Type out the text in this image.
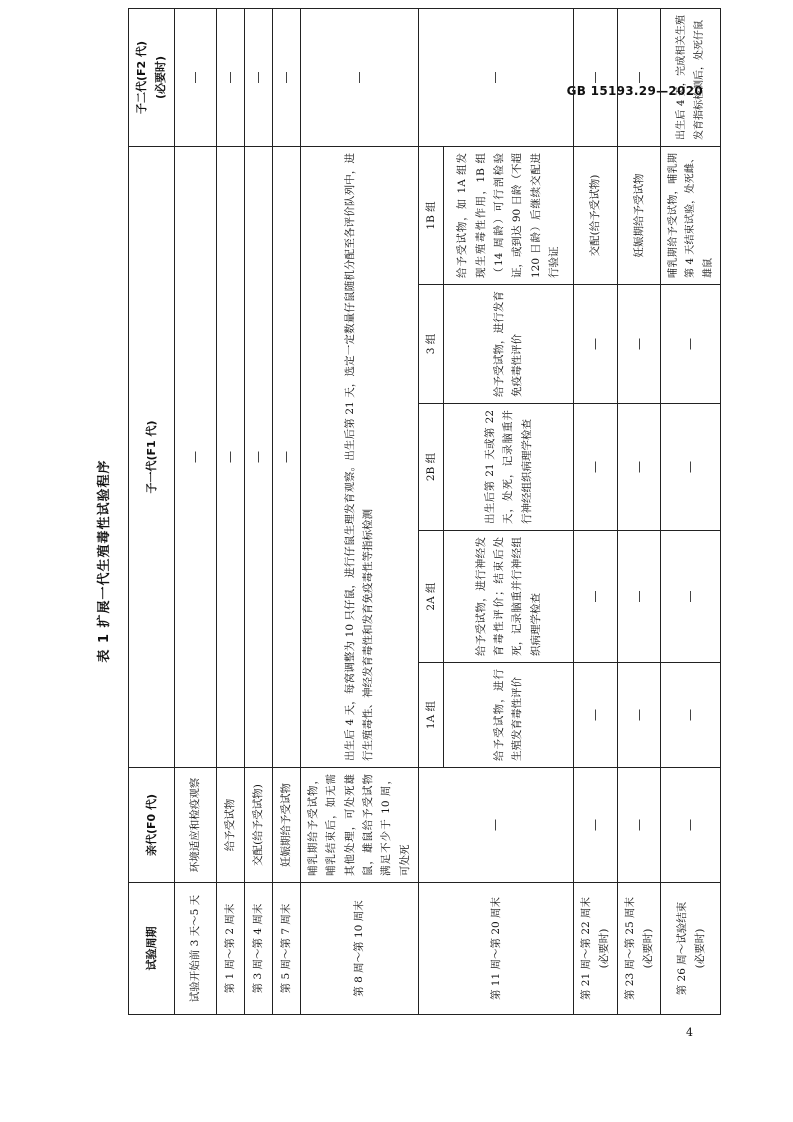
GB 15193.29—2020
4
表 1 扩展一代生殖毒性试验程序
试验周期	亲代(F0 代)	子一代(F1 代)					子二代(F2 代) (必要时)

试验开始前 3 天～5 天	环境适应和检疫观察	—					—
第 1 周～第 2 周末	给予受试物	—					—
第 3 周～第 4 周末	交配(给予受试物)	—					—
第 5 周～第 7 周末	妊娠期给予受试物	—					—
第 8 周～第 10 周末	哺乳期给予受试物，哺乳结束后，如无需其他处理，可处死雄鼠，雄鼠给予受试物满足不少于 10 周，可处死	出生后 4 天，每窝调整为 10 只仔鼠，进行仔鼠生理发育观察。出生后第 21 天，选定一定数量仔鼠随机分配至各评价队列中，进行生殖毒性、神经发育毒性和发育免疫毒性等指标检测					—
第 11 周～第 20 周末	—	1A 组	2A 组	2B 组	3 组	1B 组	—
		给予受试物，进行生殖发育毒性评价	给予受试物，进行神经发育毒性评价；结束后处死，记录脑重并行神经组织病理学检查	出生后第 21 天或第 22 天，处死，记录脑重并行神经组织病理学检查	给予受试物，进行发育免疫毒性评价	给予受试物，如 1A 组发现生殖毒性作用，1B 组（14 周龄）可行剖检验证，或到达 90 日龄（不超 120 日龄）后继续交配进行验证	

第 21 周～第 22 周末 (必要时)	—	—	—	—	—	交配(给予受试物)	—

第 23 周～第 25 周末 (必要时)	—	—	—	—	—	妊娠期给予受试物	—

第 26 周～试验结束 (必要时)	—	—	—	—	—	哺乳期给予受试物，哺乳期第 4 天结束试验，处死雌、雄鼠	出生后 4 天，完成相关生殖发育指标检测后，处死仔鼠
